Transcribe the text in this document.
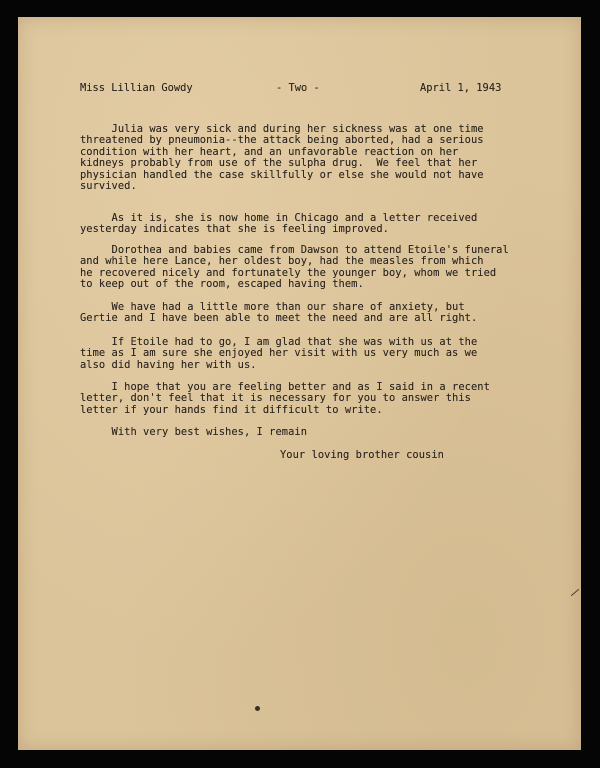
Miss Lillian Gowdy	- Two -	April 1, 1943
Julia was very sick and during her sickness was at one time
threatened by pneumonia--the attack being aborted, had a serious
condition with her heart, and an unfavorable reaction on her
kidneys probably from use of the sulpha drug.  We feel that her
physician handled the case skillfully or else she would not have
survived.
As it is, she is now home in Chicago and a letter received
yesterday indicates that she is feeling improved.
Dorothea and babies came from Dawson to attend Etoile's funeral
and while here Lance, her oldest boy, had the measles from which
he recovered nicely and fortunately the younger boy, whom we tried
to keep out of the room, escaped having them.
We have had a little more than our share of anxiety, but
Gertie and I have been able to meet the need and are all right.
If Etoile had to go, I am glad that she was with us at the
time as I am sure she enjoyed her visit with us very much as we
also did having her with us.
I hope that you are feeling better and as I said in a recent
letter, don't feel that it is necessary for you to answer this
letter if your hands find it difficult to write.
With very best wishes, I remain
Your loving brother cousin
